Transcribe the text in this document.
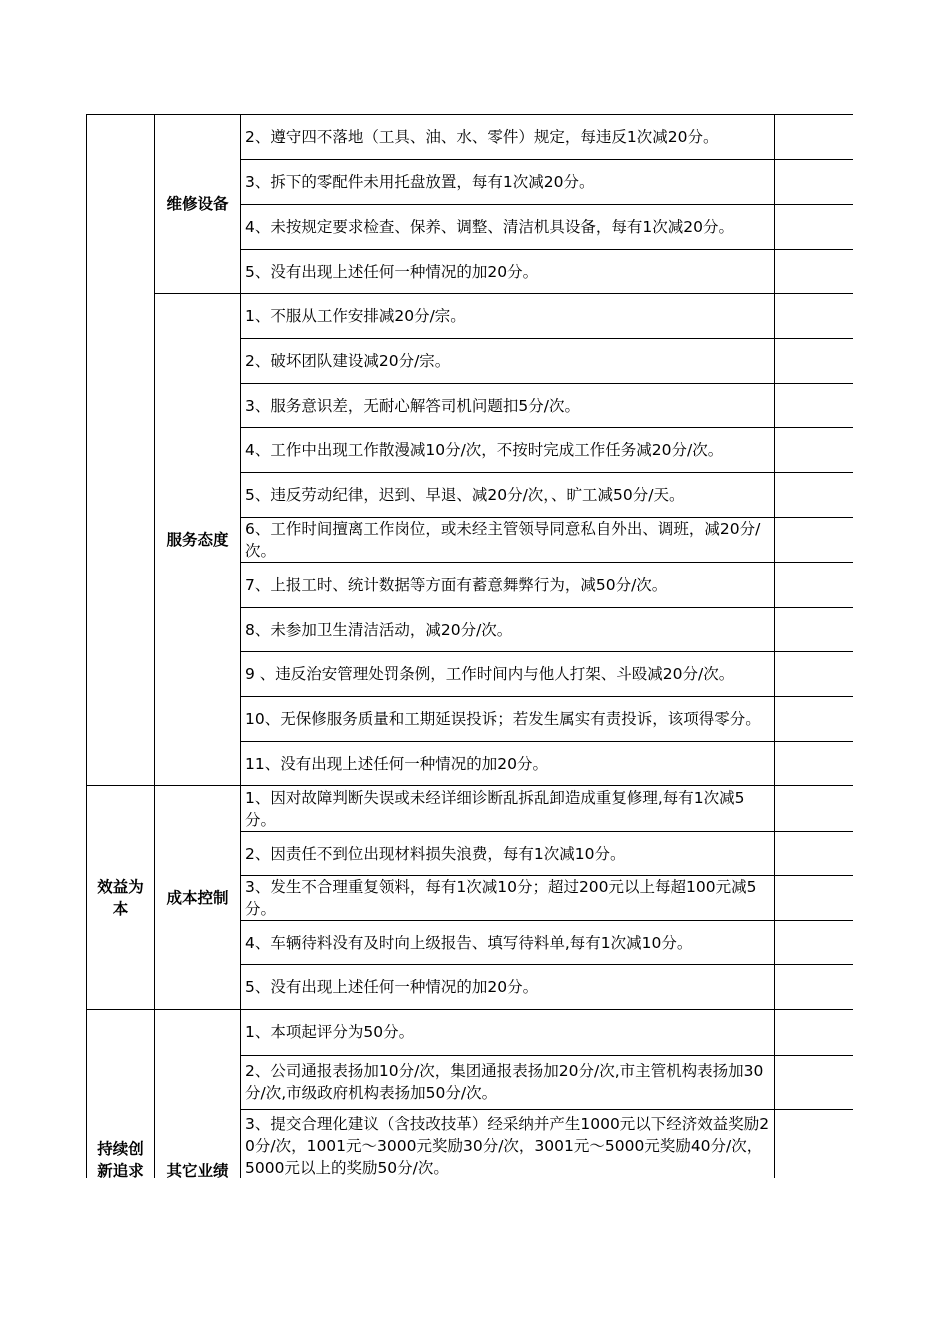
	维修设备	2、遵守四不落地（工具、油、水、零件）规定，每违反1次减20分。	
		3、拆下的零配件未用托盘放置，每有1次减20分。	
		4、未按规定要求检查、保养、调整、清洁机具设备，每有1次减20分。	
		5、没有出现上述任何一种情况的加20分。	
	服务态度	1、不服从工作安排减20分/宗。	
		2、破坏团队建设减20分/宗。	
		3、服务意识差，无耐心解答司机问题扣5分/次。	
		4、工作中出现工作散漫减10分/次，不按时完成工作任务减20分/次。	
		5、违反劳动纪律，迟到、早退、减20分/次，、旷工减50分/天。	
		6、工作时间擅离工作岗位，或未经主管领导同意私自外出、调班，减20分/次。	
		7、上报工时、统计数据等方面有蓄意舞弊行为，减50分/次。	
		8、未参加卫生清洁活动，减20分/次。	
		9 、违反治安管理处罚条例，工作时间内与他人打架、斗殴减20分/次。	
		10、无保修服务质量和工期延误投诉；若发生属实有责投诉，该项得零分。	
		11、没有出现上述任何一种情况的加20分。	

效益为本	成本控制	1、因对故障判断失误或未经详细诊断乱拆乱卸造成重复修理,每有1次减5分。	
		2、因责任不到位出现材料损失浪费，每有1次减10分。	
		3、发生不合理重复领料，每有1次减10分；超过200元以上每超100元减5分。	
		4、车辆待料没有及时向上级报告、填写待料单,每有1次减10分。	
		5、没有出现上述任何一种情况的加20分。	

持续创新追求	其它业绩	1、本项起评分为50分。	
		2、公司通报表扬加10分/次，集团通报表扬加20分/次,市主管机构表扬加30分/次,市级政府机构表扬加50分/次。	
		3、提交合理化建议（含技改技革）经采纳并产生1000元以下经济效益奖励20分/次，1001元～3000元奖励30分/次，3001元～5000元奖励40分/次，5000元以上的奖励50分/次。	
